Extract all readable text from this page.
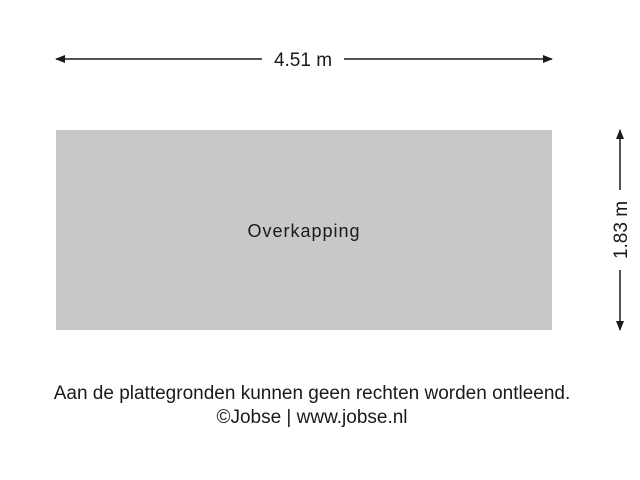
Overkapping
4.51 m
1.83 m
Aan de plattegronden kunnen geen rechten worden ontleend.
©Jobse | www.jobse.nl
